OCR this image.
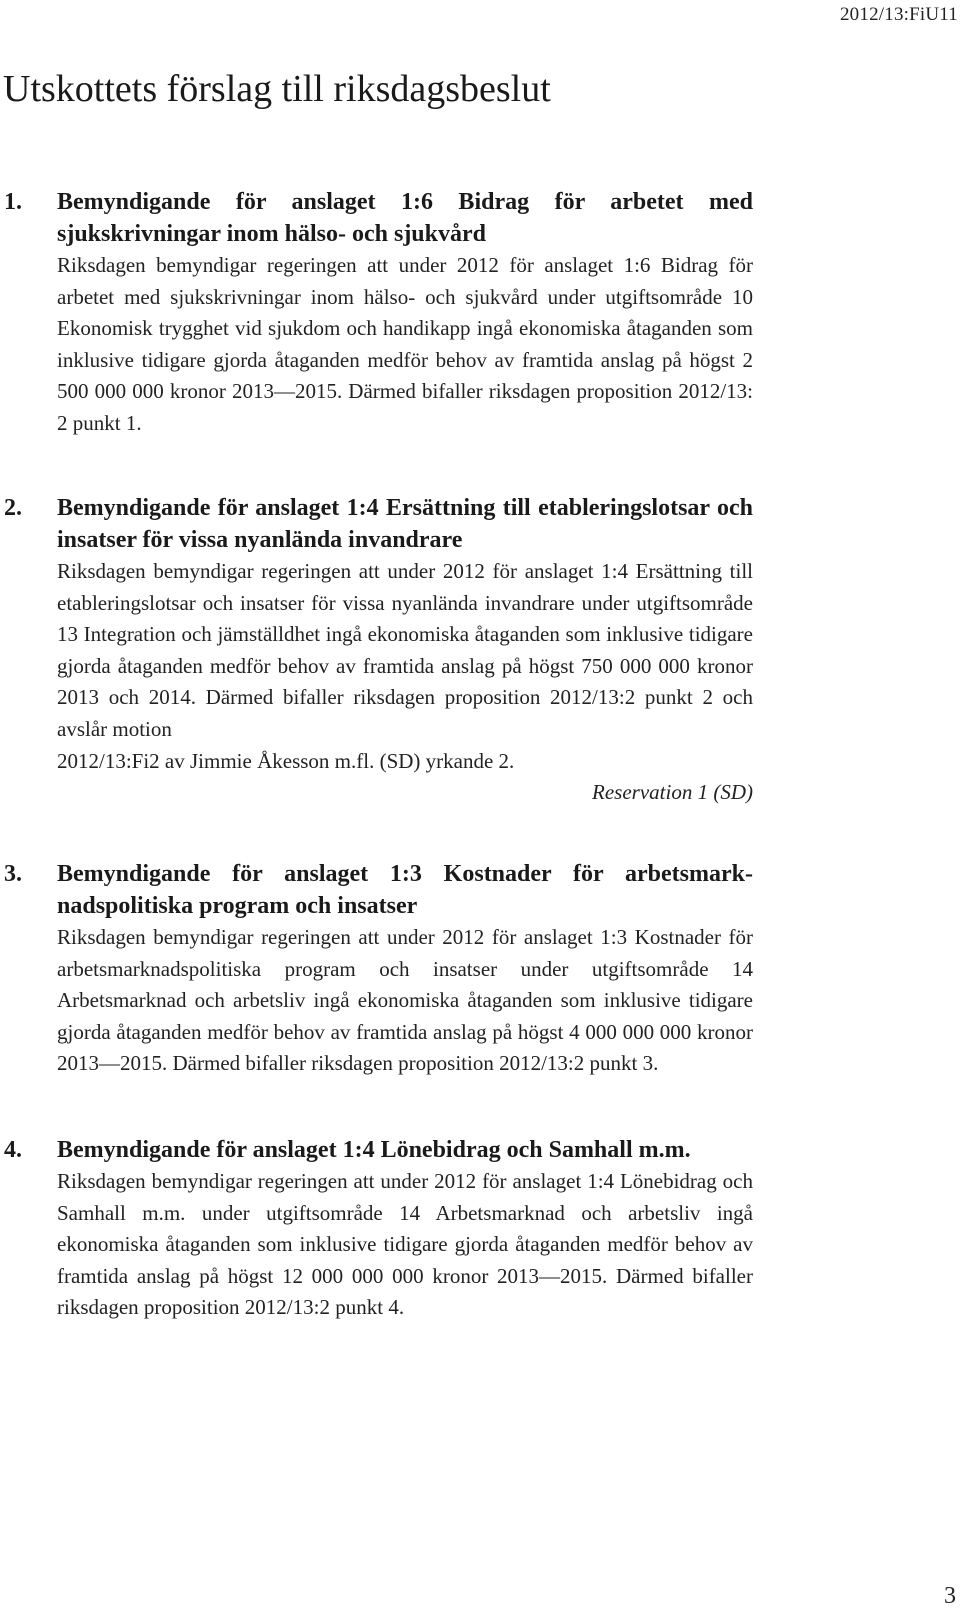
2012/13:FiU11
Utskottets förslag till riksdagsbeslut
1. Bemyndigande för anslaget 1:6 Bidrag för arbetet med sjukskrivningar inom hälso- och sjukvård

Riksdagen bemyndigar regeringen att under 2012 för anslaget 1:6 Bidrag för arbetet med sjukskrivningar inom hälso- och sjukvård under utgiftsområde 10 Ekonomisk trygghet vid sjukdom och handikapp ingå ekonomiska åtaganden som inklusive tidigare gjorda åtaganden medför behov av framtida anslag på högst 2 500 000 000 kronor 2013—2015. Därmed bifaller riksdagen proposition 2012/13: 2 punkt 1.

2. Bemyndigande för anslaget 1:4 Ersättning till etableringslotsar och insatser för vissa nyanlända invandrare

Riksdagen bemyndigar regeringen att under 2012 för anslaget 1:4 Ersättning till etableringslotsar och insatser för vissa nyanlända invandrare under utgiftsområde 13 Integration och jämställdhet ingå ekonomiska åtaganden som inklusive tidigare gjorda åtaganden medför behov av framtida anslag på högst 750 000 000 kronor 2013 och 2014. Därmed bifaller riksdagen proposition 2012/13:2 punkt 2 och avslår motion

2012/13:Fi2 av Jimmie Åkesson m.fl. (SD) yrkande 2.

Reservation 1 (SD)

3. Bemyndigande för anslaget 1:3 Kostnader för arbetsmarknadspolitiska program och insatser

Riksdagen bemyndigar regeringen att under 2012 för anslaget 1:3 Kostnader för arbetsmarknadspolitiska program och insatser under utgiftsområde 14 Arbetsmarknad och arbetsliv ingå ekonomiska åtaganden som inklusive tidigare gjorda åtaganden medför behov av framtida anslag på högst 4 000 000 000 kronor 2013—2015. Därmed bifaller riksdagen proposition 2012/13:2 punkt 3.

4. Bemyndigande för anslaget 1:4 Lönebidrag och Samhall m.m.

Riksdagen bemyndigar regeringen att under 2012 för anslaget 1:4 Lönebidrag och Samhall m.m. under utgiftsområde 14 Arbetsmarknad och arbetsliv ingå ekonomiska åtaganden som inklusive tidigare gjorda åtaganden medför behov av framtida anslag på högst 12 000 000 000 kronor 2013—2015. Därmed bifaller riksdagen proposition 2012/13:2 punkt 4.

3
